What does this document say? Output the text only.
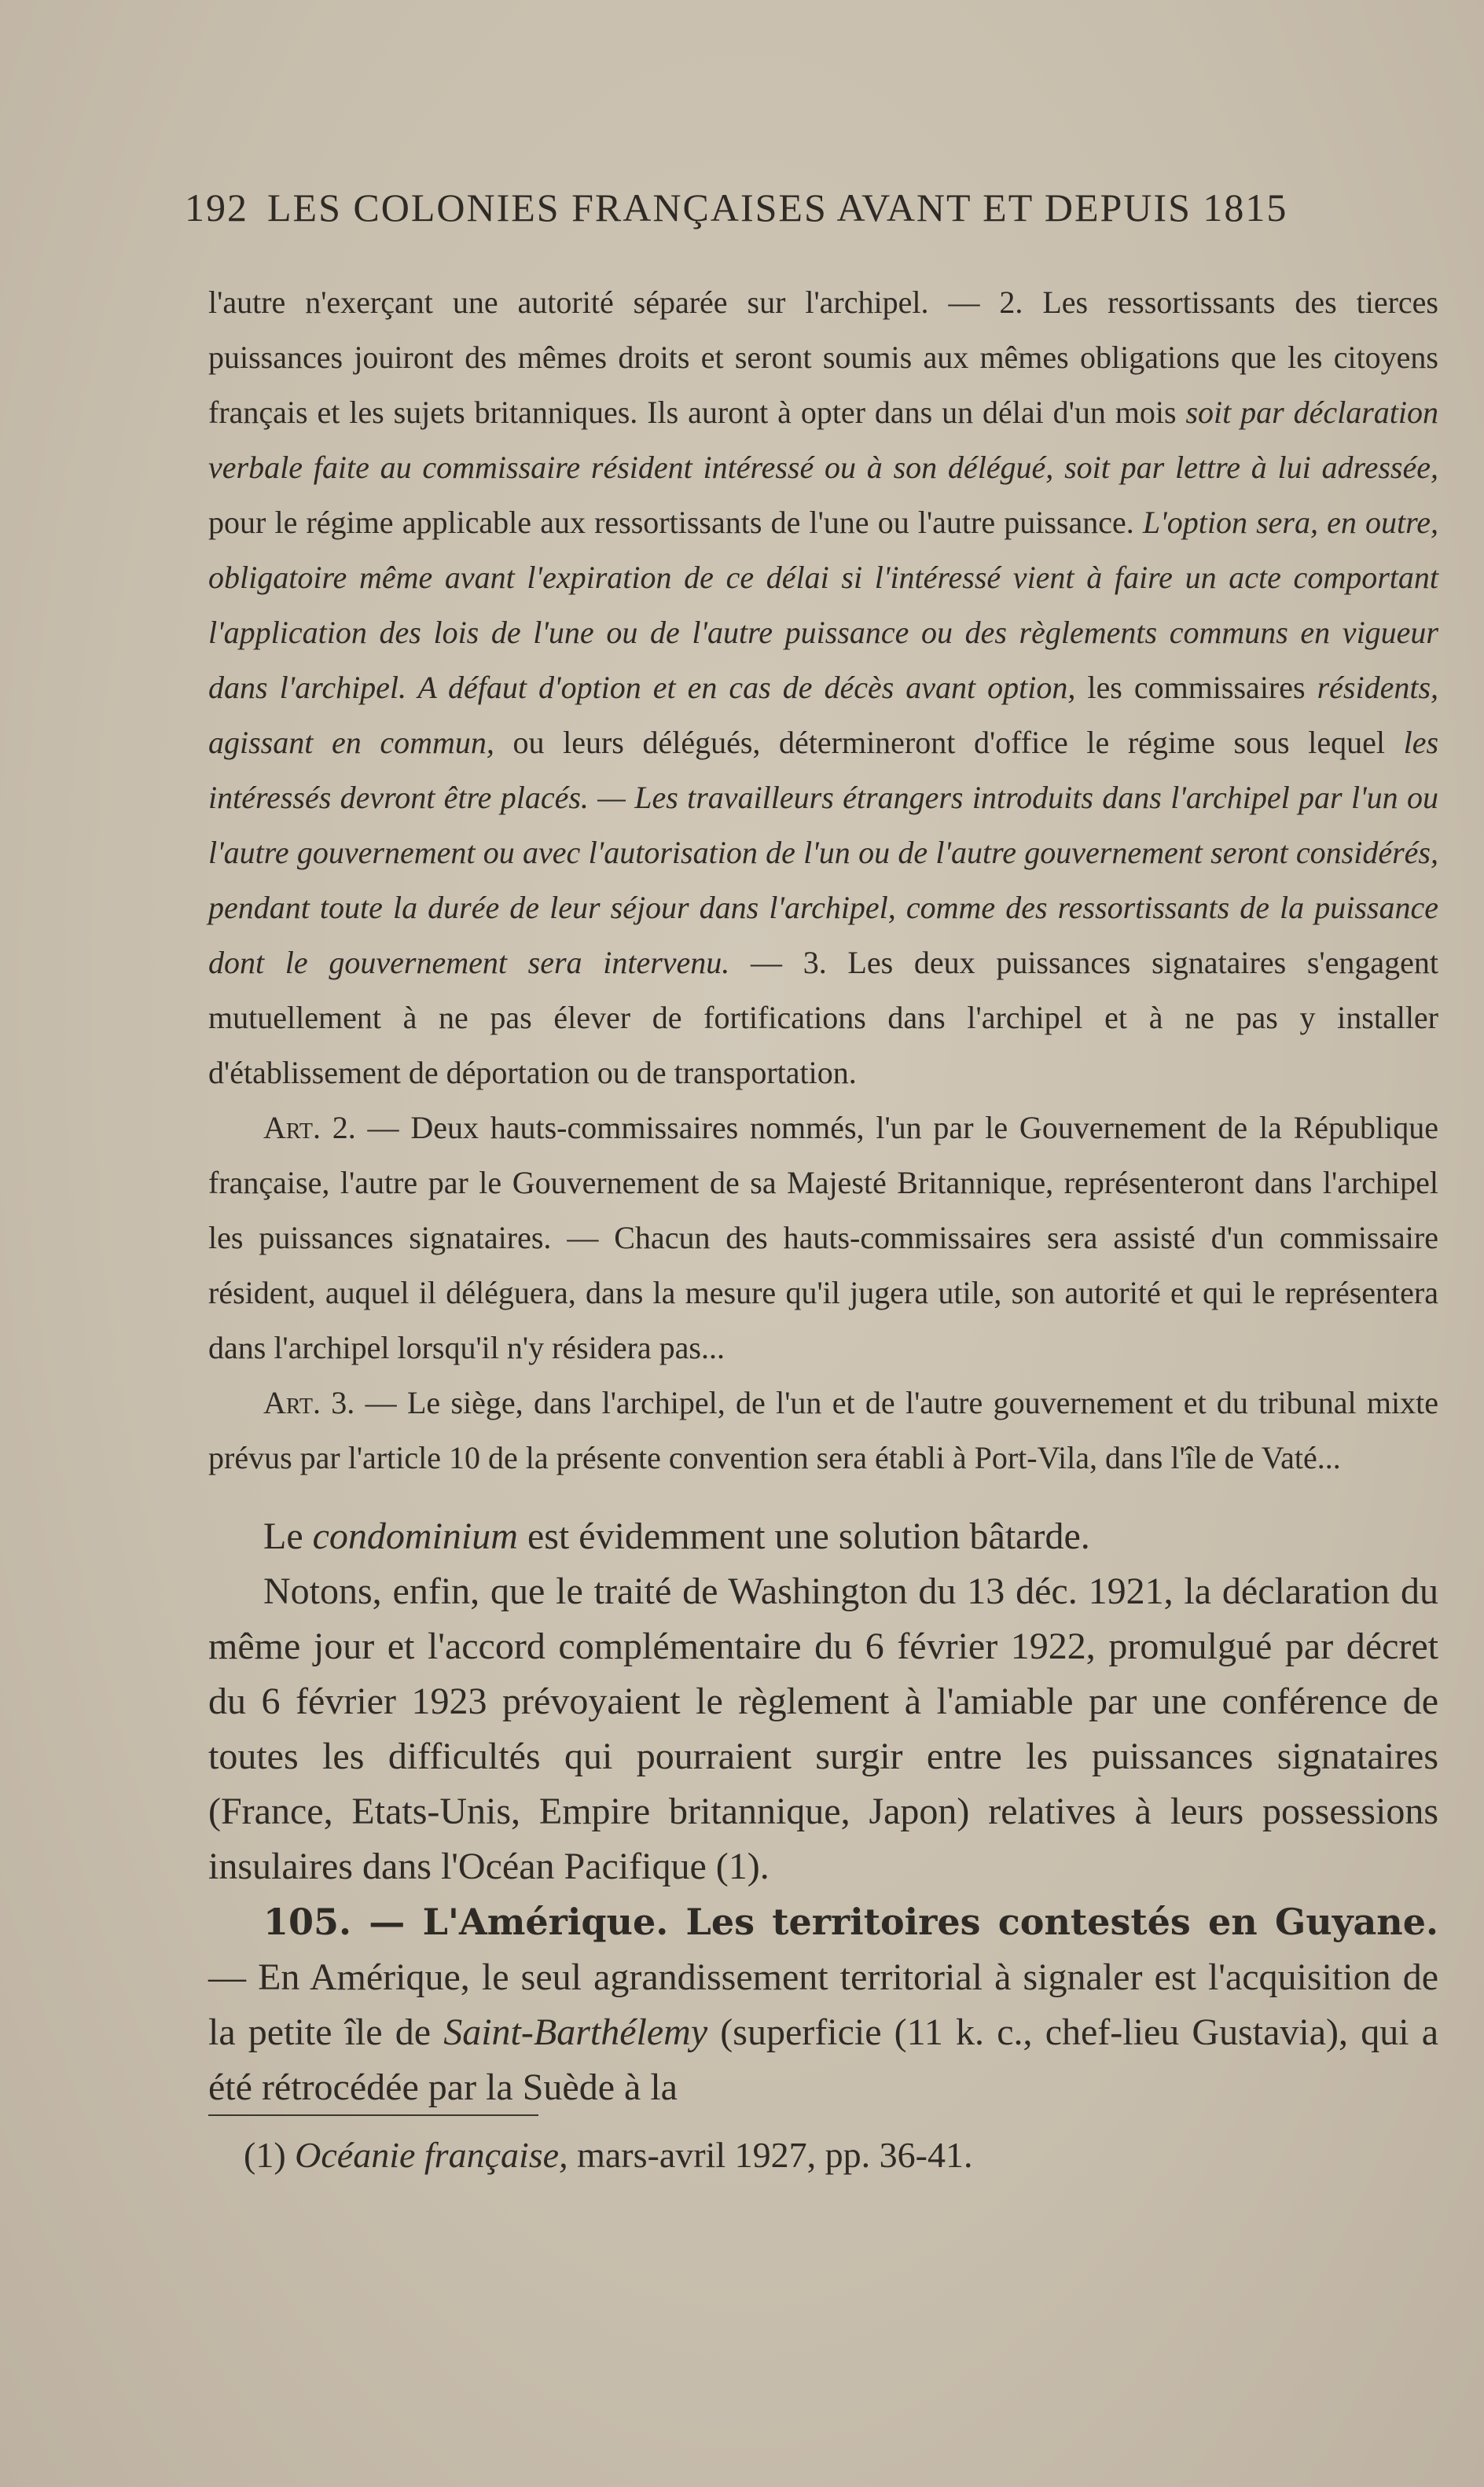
192 LES COLONIES FRANÇAISES AVANT ET DEPUIS 1815

l'autre n'exerçant une autorité séparée sur l'archipel. — 2. Les ressortissants des tierces puissances jouiront des mêmes droits et seront soumis aux mêmes obligations que les citoyens français et les sujets britanniques. Ils auront à opter dans un délai d'un mois soit par déclaration verbale faite au commissaire résident intéressé ou à son délégué, soit par lettre à lui adressée, pour le régime applicable aux ressortissants de l'une ou l'autre puissance. L'option sera, en outre, obligatoire même avant l'expiration de ce délai si l'intéressé vient à faire un acte comportant l'application des lois de l'une ou de l'autre puissance ou des règlements communs en vigueur dans l'archipel. A défaut d'option et en cas de décès avant option, les commissaires résidents, agissant en commun, ou leurs délégués, détermineront d'office le régime sous lequel les intéressés devront être placés. — Les travailleurs étrangers introduits dans l'archipel par l'un ou l'autre gouvernement ou avec l'autorisation de l'un ou de l'autre gouvernement seront considérés, pendant toute la durée de leur séjour dans l'archipel, comme des ressortissants de la puissance dont le gouvernement sera intervenu. — 3. Les deux puissances signataires s'engagent mutuellement à ne pas élever de fortifications dans l'archipel et à ne pas y installer d'établissement de déportation ou de transportation.

Art. 2. — Deux hauts-commissaires nommés, l'un par le Gouvernement de la République française, l'autre par le Gouvernement de sa Majesté Britannique, représenteront dans l'archipel les puissances signataires. — Chacun des hauts-commissaires sera assisté d'un commissaire résident, auquel il déléguera, dans la mesure qu'il jugera utile, son autorité et qui le représentera dans l'archipel lorsqu'il n'y résidera pas...

Art. 3. — Le siège, dans l'archipel, de l'un et de l'autre gouvernement et du tribunal mixte prévus par l'article 10 de la présente convention sera établi à Port-Vila, dans l'île de Vaté...

Le condominium est évidemment une solution bâtarde.

Notons, enfin, que le traité de Washington du 13 déc. 1921, la déclaration du même jour et l'accord complémentaire du 6 février 1922, promulgué par décret du 6 février 1923 prévoyaient le règlement à l'amiable par une conférence de toutes les difficultés qui pourraient surgir entre les puissances signataires (France, Etats-Unis, Empire britannique, Japon) relatives à leurs possessions insulaires dans l'Océan Pacifique (1).

105. — L'Amérique. Les territoires contestés en Guyane. — En Amérique, le seul agrandissement territorial à signaler est l'acquisition de la petite île de Saint-Barthélemy (superficie (11 k. c., chef-lieu Gustavia), qui a été rétrocédée par la Suède à la

(1) Océanie française, mars-avril 1927, pp. 36-41.
